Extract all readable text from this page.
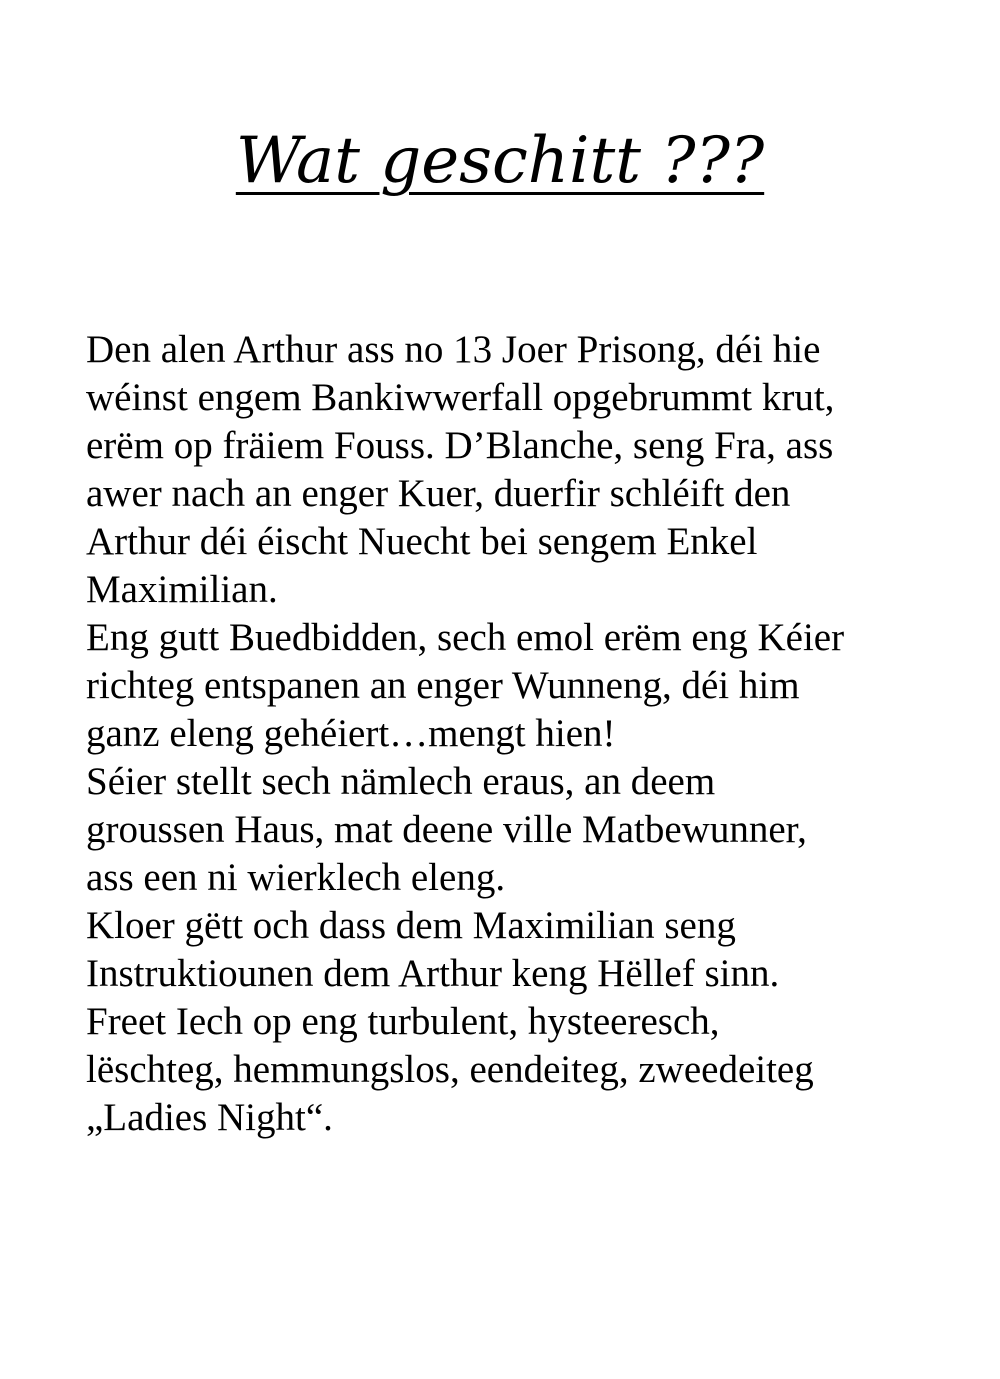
Wat geschitt ???
Den alen Arthur ass no 13 Joer Prisong, déi hie
wéinst engem Bankiwwerfall opgebrummt krut,
erëm op fräiem Fouss. D’Blanche, seng Fra, ass
awer nach an enger Kuer, duerfir schléift den
Arthur déi éischt Nuecht bei sengem Enkel
Maximilian.
Eng gutt Buedbidden, sech emol erëm eng Kéier
richteg entspanen an enger Wunneng, déi him
ganz eleng gehéiert…mengt hien!
Séier stellt sech nämlech eraus, an deem
groussen Haus, mat deene ville Matbewunner,
ass een ni wierklech eleng.
Kloer gëtt och dass dem Maximilian seng
Instruktiounen dem Arthur keng Hëllef sinn.
Freet Iech op eng turbulent, hysteeresch,
lëschteg, hemmungslos, eendeiteg, zweedeiteg
„Ladies Night“.
